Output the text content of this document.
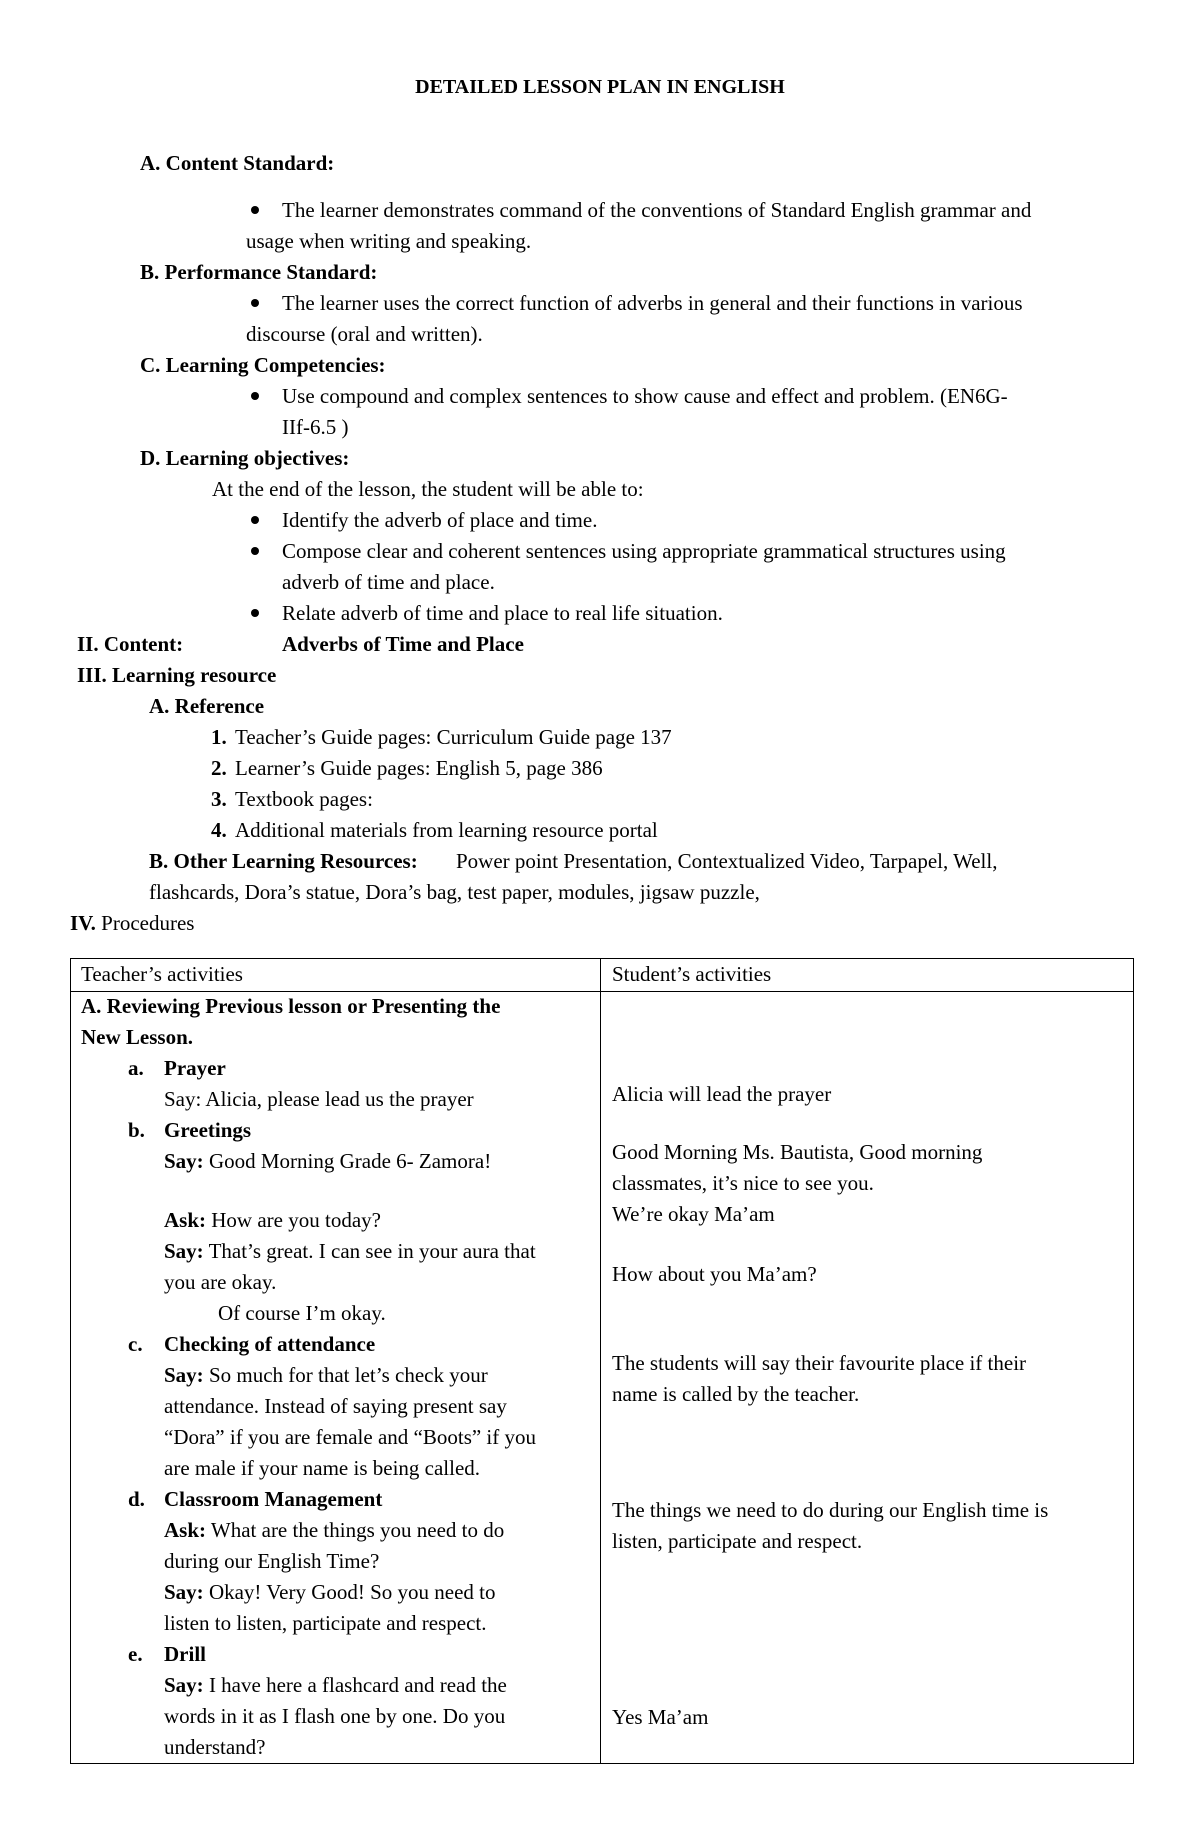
DETAILED LESSON PLAN IN ENGLISH
A. Content Standard:
The learner demonstrates command of the conventions of Standard English grammar and
usage when writing and speaking.
B. Performance Standard:
The learner uses the correct function of adverbs in general and their functions in various
discourse (oral and written).
C. Learning Competencies:
Use compound and complex sentences to show cause and effect and problem. (EN6G-
IIf-6.5 )
D. Learning objectives:
At the end of the lesson, the student will be able to:
Identify the adverb of place and time.
Compose clear and coherent sentences using appropriate grammatical structures using
adverb of time and place.
Relate adverb of time and place to real life situation.
II. Content:	Adverbs of Time and Place
III. Learning resource
A. Reference
1. Teacher’s Guide pages: Curriculum Guide page 137
2. Learner’s Guide pages: English 5, page 386
3. Textbook pages:
4. Additional materials from learning resource portal
B. Other Learning Resources: Power point Presentation, Contextualized Video, Tarpapel, Well,
flashcards, Dora’s statue, Dora’s bag, test paper, modules, jigsaw puzzle,
IV. Procedures
Teacher’s activities	Student’s activities
A. Reviewing Previous lesson or Presenting the
New Lesson.
a. Prayer
Say: Alicia, please lead us the prayer
b. Greetings
Say: Good Morning Grade 6- Zamora!
Ask: How are you today?
Say: That’s great. I can see in your aura that
you are okay.
Of course I’m okay.
c. Checking of attendance
Say: So much for that let’s check your
attendance. Instead of saying present say
“Dora” if you are female and “Boots” if you
are male if your name is being called.
d. Classroom Management
Ask: What are the things you need to do
during our English Time?
Say: Okay! Very Good! So you need to
listen to listen, participate and respect.
e. Drill
Say: I have here a flashcard and read the
words in it as I flash one by one. Do you
understand?
Alicia will lead the prayer
Good Morning Ms. Bautista, Good morning
classmates, it’s nice to see you.
We’re okay Ma’am
How about you Ma’am?
The students will say their favourite place if their
name is called by the teacher.
The things we need to do during our English time is
listen, participate and respect.
Yes Ma’am
